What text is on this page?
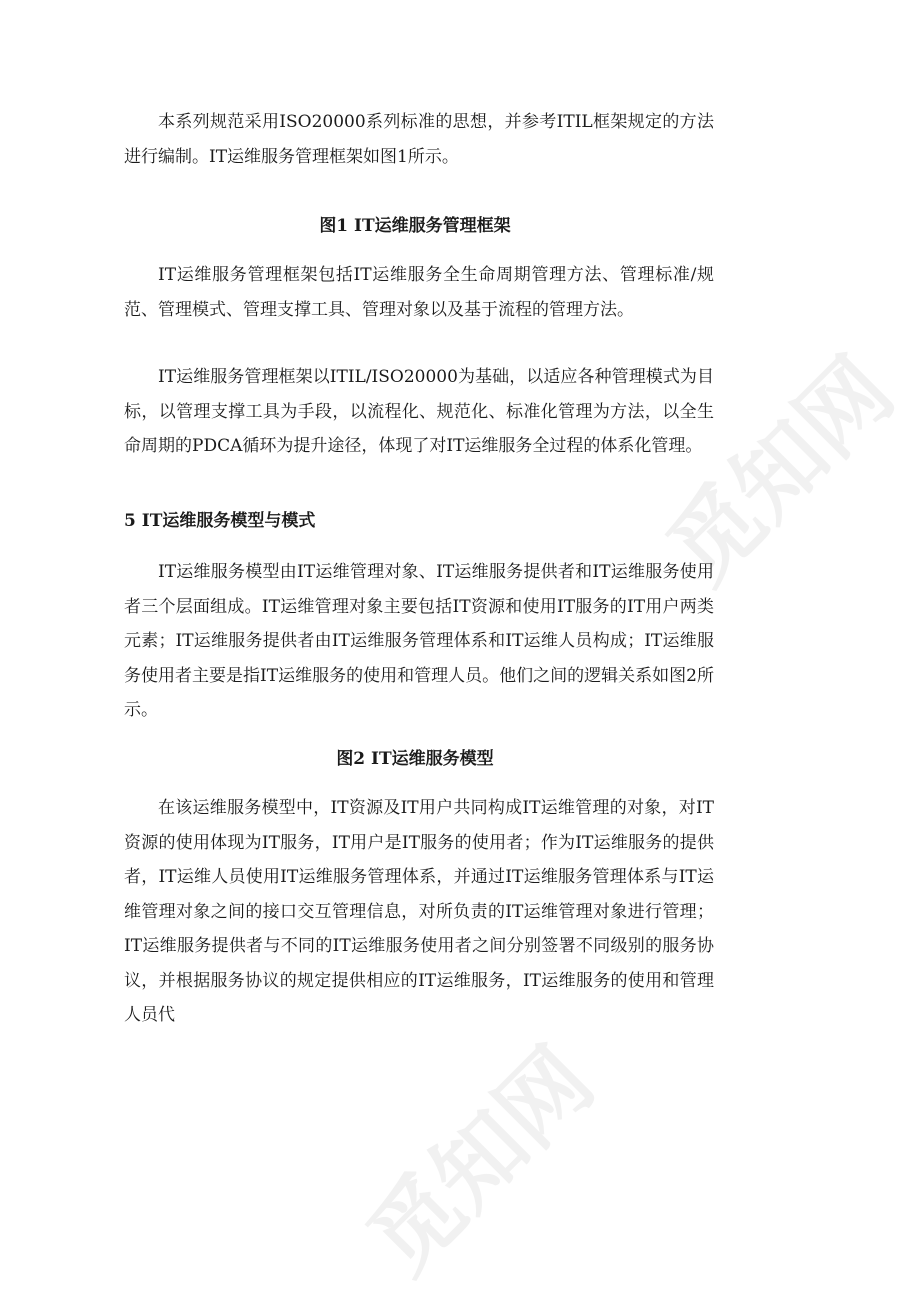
觅知网
觅知网

本系列规范采用ISO20000系列标准的思想，并参考ITIL框架规定的方法进行编制。IT运维服务管理框架如图1所示。

图1 IT运维服务管理框架

IT运维服务管理框架包括IT运维服务全生命周期管理方法、管理标准/规范、管理模式、管理支撑工具、管理对象以及基于流程的管理方法。

IT运维服务管理框架以ITIL/ISO20000为基础，以适应各种管理模式为目标，以管理支撑工具为手段，以流程化、规范化、标准化管理为方法，以全生命周期的PDCA循环为提升途径，体现了对IT运维服务全过程的体系化管理。

5 IT运维服务模型与模式

IT运维服务模型由IT运维管理对象、IT运维服务提供者和IT运维服务使用者三个层面组成。IT运维管理对象主要包括IT资源和使用IT服务的IT用户两类元素；IT运维服务提供者由IT运维服务管理体系和IT运维人员构成；IT运维服务使用者主要是指IT运维服务的使用和管理人员。他们之间的逻辑关系如图2所示。

图2 IT运维服务模型

在该运维服务模型中，IT资源及IT用户共同构成IT运维管理的对象，对IT资源的使用体现为IT服务，IT用户是IT服务的使用者；作为IT运维服务的提供者，IT运维人员使用IT运维服务管理体系，并通过IT运维服务管理体系与IT运维管理对象之间的接口交互管理信息，对所负责的IT运维管理对象进行管理；IT运维服务提供者与不同的IT运维服务使用者之间分别签署不同级别的服务协议，并根据服务协议的规定提供相应的IT运维服务，IT运维服务的使用和管理人员代
